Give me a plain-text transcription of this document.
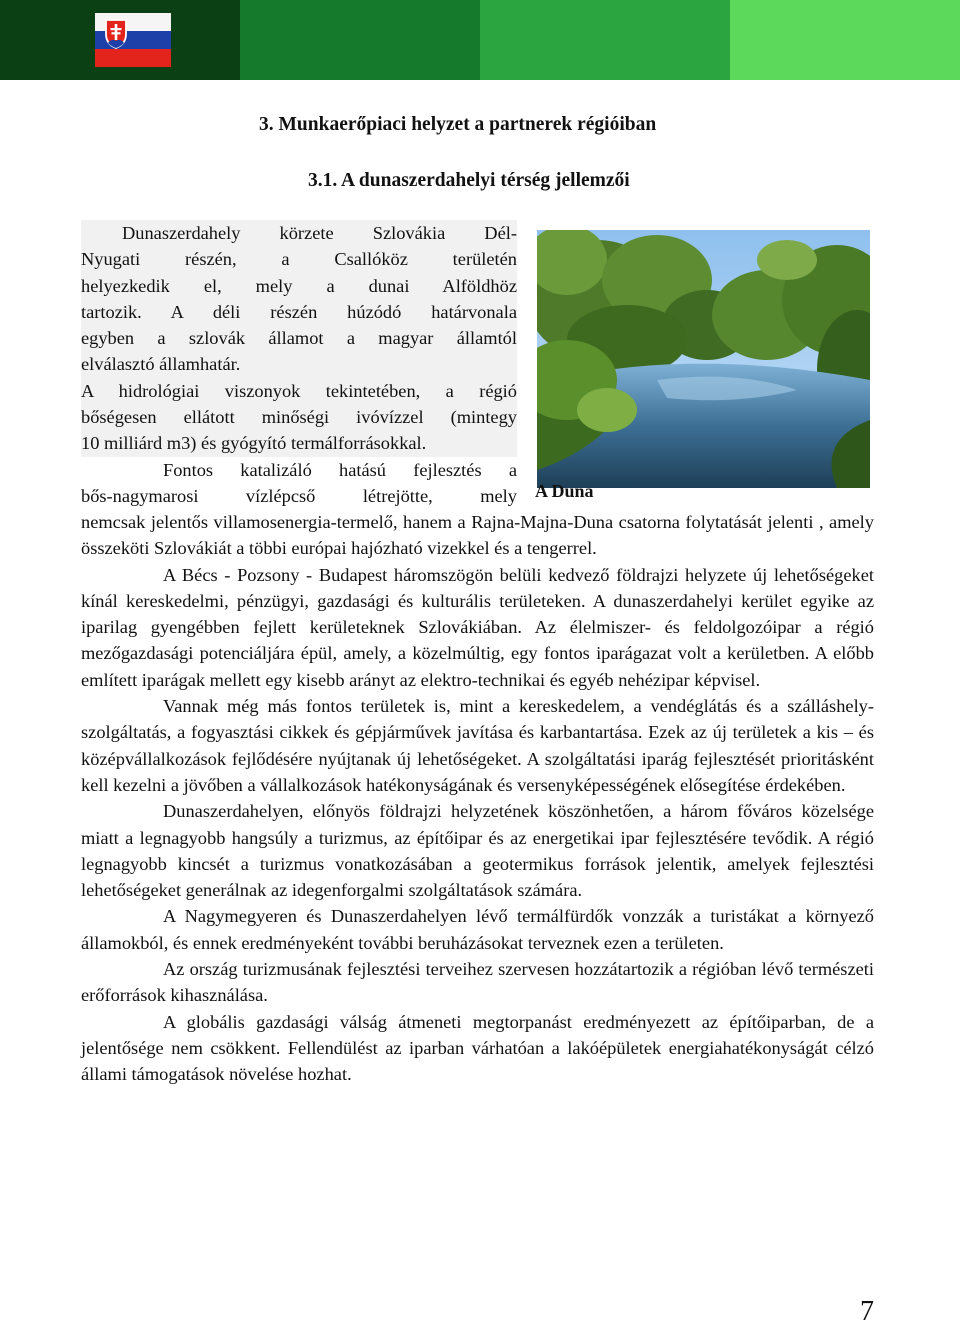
3. Munkaerőpiaci helyzet a partnerek régióiban
3.1. A dunaszerdahelyi térség jellemzői

Dunaszerdahely körzete Szlovákia Dél-

Nyugati részén, a Csallóköz területén

helyezkedik el, mely a dunai Alföldhöz

tartozik. A déli részén húzódó határvonala

egyben a szlovák államot a magyar államtól

elválasztó államhatár.

A hidrológiai viszonyok tekintetében, a régió

bőségesen ellátott minőségi ivóvízzel (mintegy

10 milliárd m3) és gyógyító termálforrásokkal.

Fontos katalizáló hatású fejlesztés a

bős-nagymarosi vízlépcső létrejötte, mely A Duna

nemcsak jelentős villamosenergia-termelő, hanem a Rajna-Majna-Duna csatorna folytatását jelenti , amely összeköti Szlovákiát a többi európai hajózható vizekkel és a tengerrel.

A Bécs - Pozsony - Budapest háromszögön belüli kedvező földrajzi helyzete új lehetőségeket kínál kereskedelmi, pénzügyi, gazdasági és kulturális területeken. A dunaszerdahelyi kerület egyike az iparilag gyengébben fejlett kerületeknek Szlovákiában. Az élelmiszer- és feldolgozóipar a régió mezőgazdasági potenciáljára épül, amely, a közelmúltig, egy fontos iparágazat volt a kerületben. A előbb említett iparágak mellett egy kisebb arányt az elektro-technikai és egyéb nehézipar képvisel.

Vannak még más fontos területek is, mint a kereskedelem, a vendéglátás és a szálláshely-szolgáltatás, a fogyasztási cikkek és gépjárművek javítása és karbantartása. Ezek az új területek a kis – és középvállalkozások fejlődésére nyújtanak új lehetőségeket. A szolgáltatási iparág fejlesztését prioritásként kell kezelni a jövőben a vállalkozások hatékonyságának és versenyképességének elősegítése érdekében.

Dunaszerdahelyen, előnyös földrajzi helyzetének köszönhetően, a három főváros közelsége miatt a legnagyobb hangsúly a turizmus, az építőipar és az energetikai ipar fejlesztésére tevődik. A régió legnagyobb kincsét a turizmus vonatkozásában a geotermikus források jelentik, amelyek fejlesztési lehetőségeket generálnak az idegenforgalmi szolgáltatások számára.

A Nagymegyeren és Dunaszerdahelyen lévő termálfürdők vonzzák a turistákat a környező államokból, és ennek eredményeként további beruházásokat terveznek ezen a területen.

Az ország turizmusának fejlesztési terveihez szervesen hozzátartozik a régióban lévő természeti erőforrások kihasználása.

A globális gazdasági válság átmeneti megtorpanást eredményezett az építőiparban, de a jelentősége nem csökkent. Fellendülést az iparban várhatóan a lakóépületek energiahatékonyságát célzó állami támogatások növelése hozhat.

7
